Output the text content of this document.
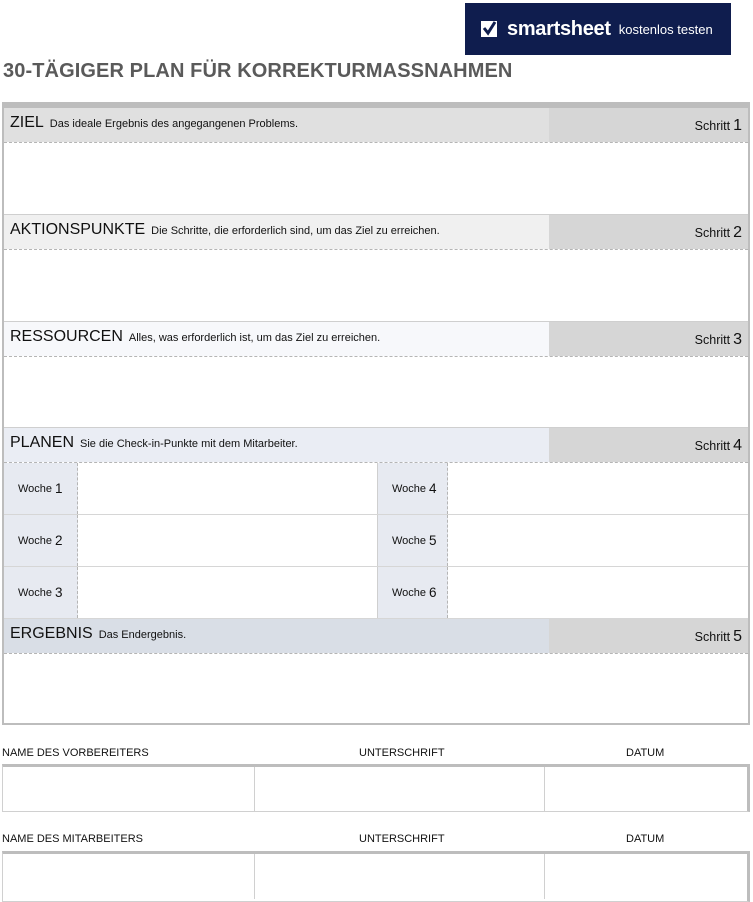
smartsheet kostenlos testen
30-TÄGIGER PLAN FÜR KORREKTURMASSNAHMEN
ZIEL Das ideale Ergebnis des angegangenen Problems.	Schritt 1
AKTIONSPUNKTE Die Schritte, die erforderlich sind, um das Ziel zu erreichen.	Schritt 2
RESSOURCEN Alles, was erforderlich ist, um das Ziel zu erreichen.	Schritt 3
PLANEN Sie die Check-in-Punkte mit dem Mitarbeiter.	Schritt 4
Woche 1	Woche 4
Woche 2	Woche 5
Woche 3	Woche 6
ERGEBNIS Das Endergebnis.	Schritt 5
NAME DES VORBEREITERS	UNTERSCHRIFT	DATUM
NAME DES MITARBEITERS	UNTERSCHRIFT	DATUM
